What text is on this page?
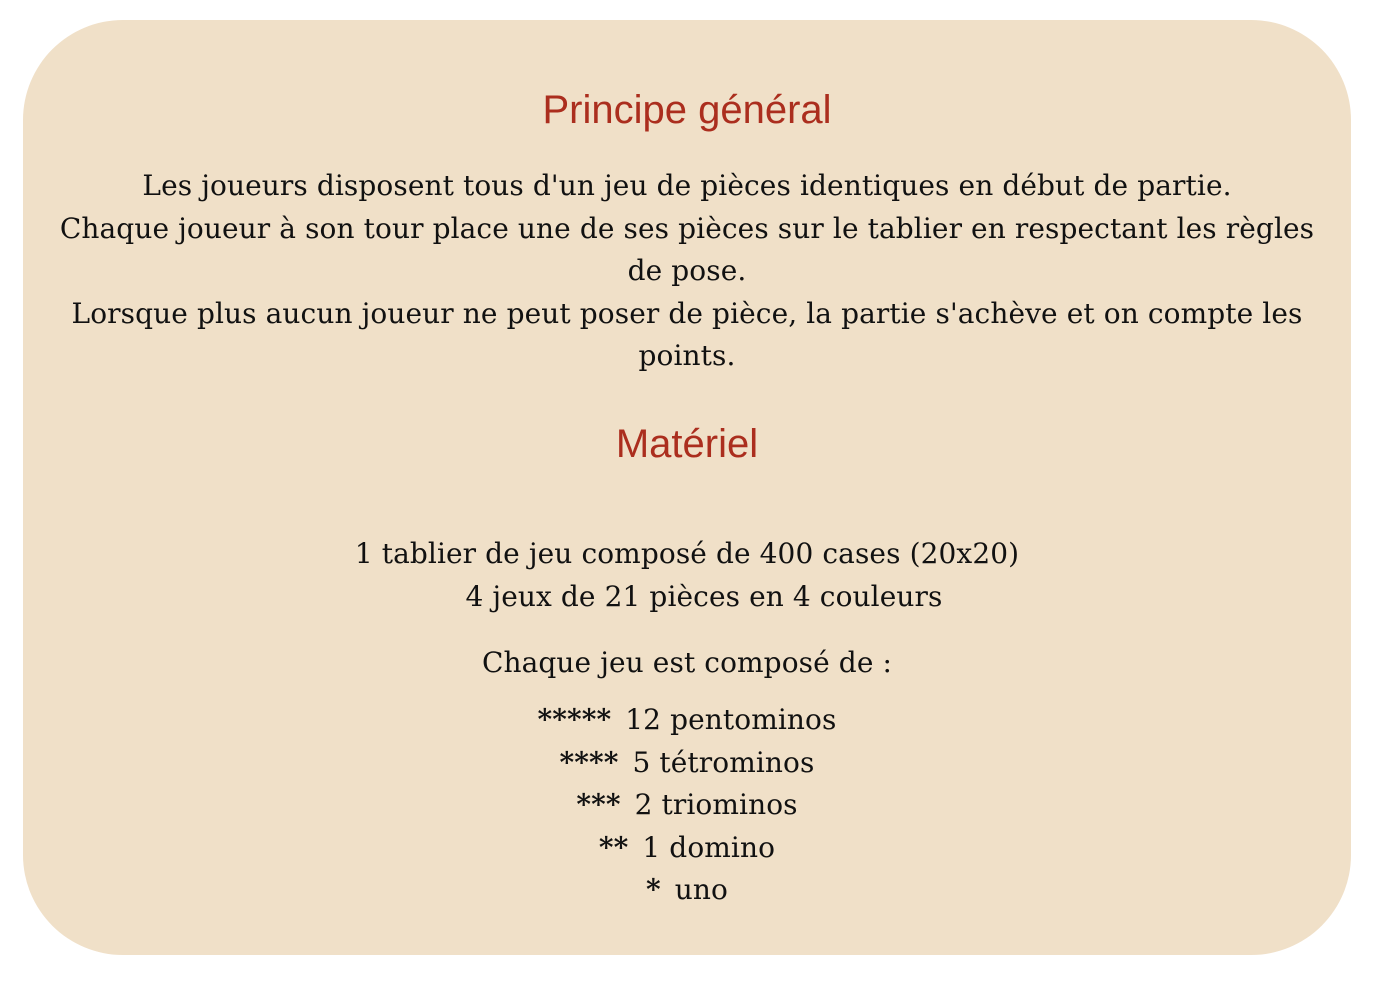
Principe général
Les joueurs disposent tous d'un jeu de pièces identiques en début de partie.
Chaque joueur à son tour place une de ses pièces sur le tablier en respectant les règles
de pose.
Lorsque plus aucun joueur ne peut poser de pièce, la partie s'achève et on compte les
points.
Matériel
1 tablier de jeu composé de 400 cases (20x20)
4 jeux de 21 pièces en 4 couleurs
Chaque jeu est composé de :
***** 12 pentominos
**** 5 tétrominos
*** 2 triominos
** 1 domino
* uno
